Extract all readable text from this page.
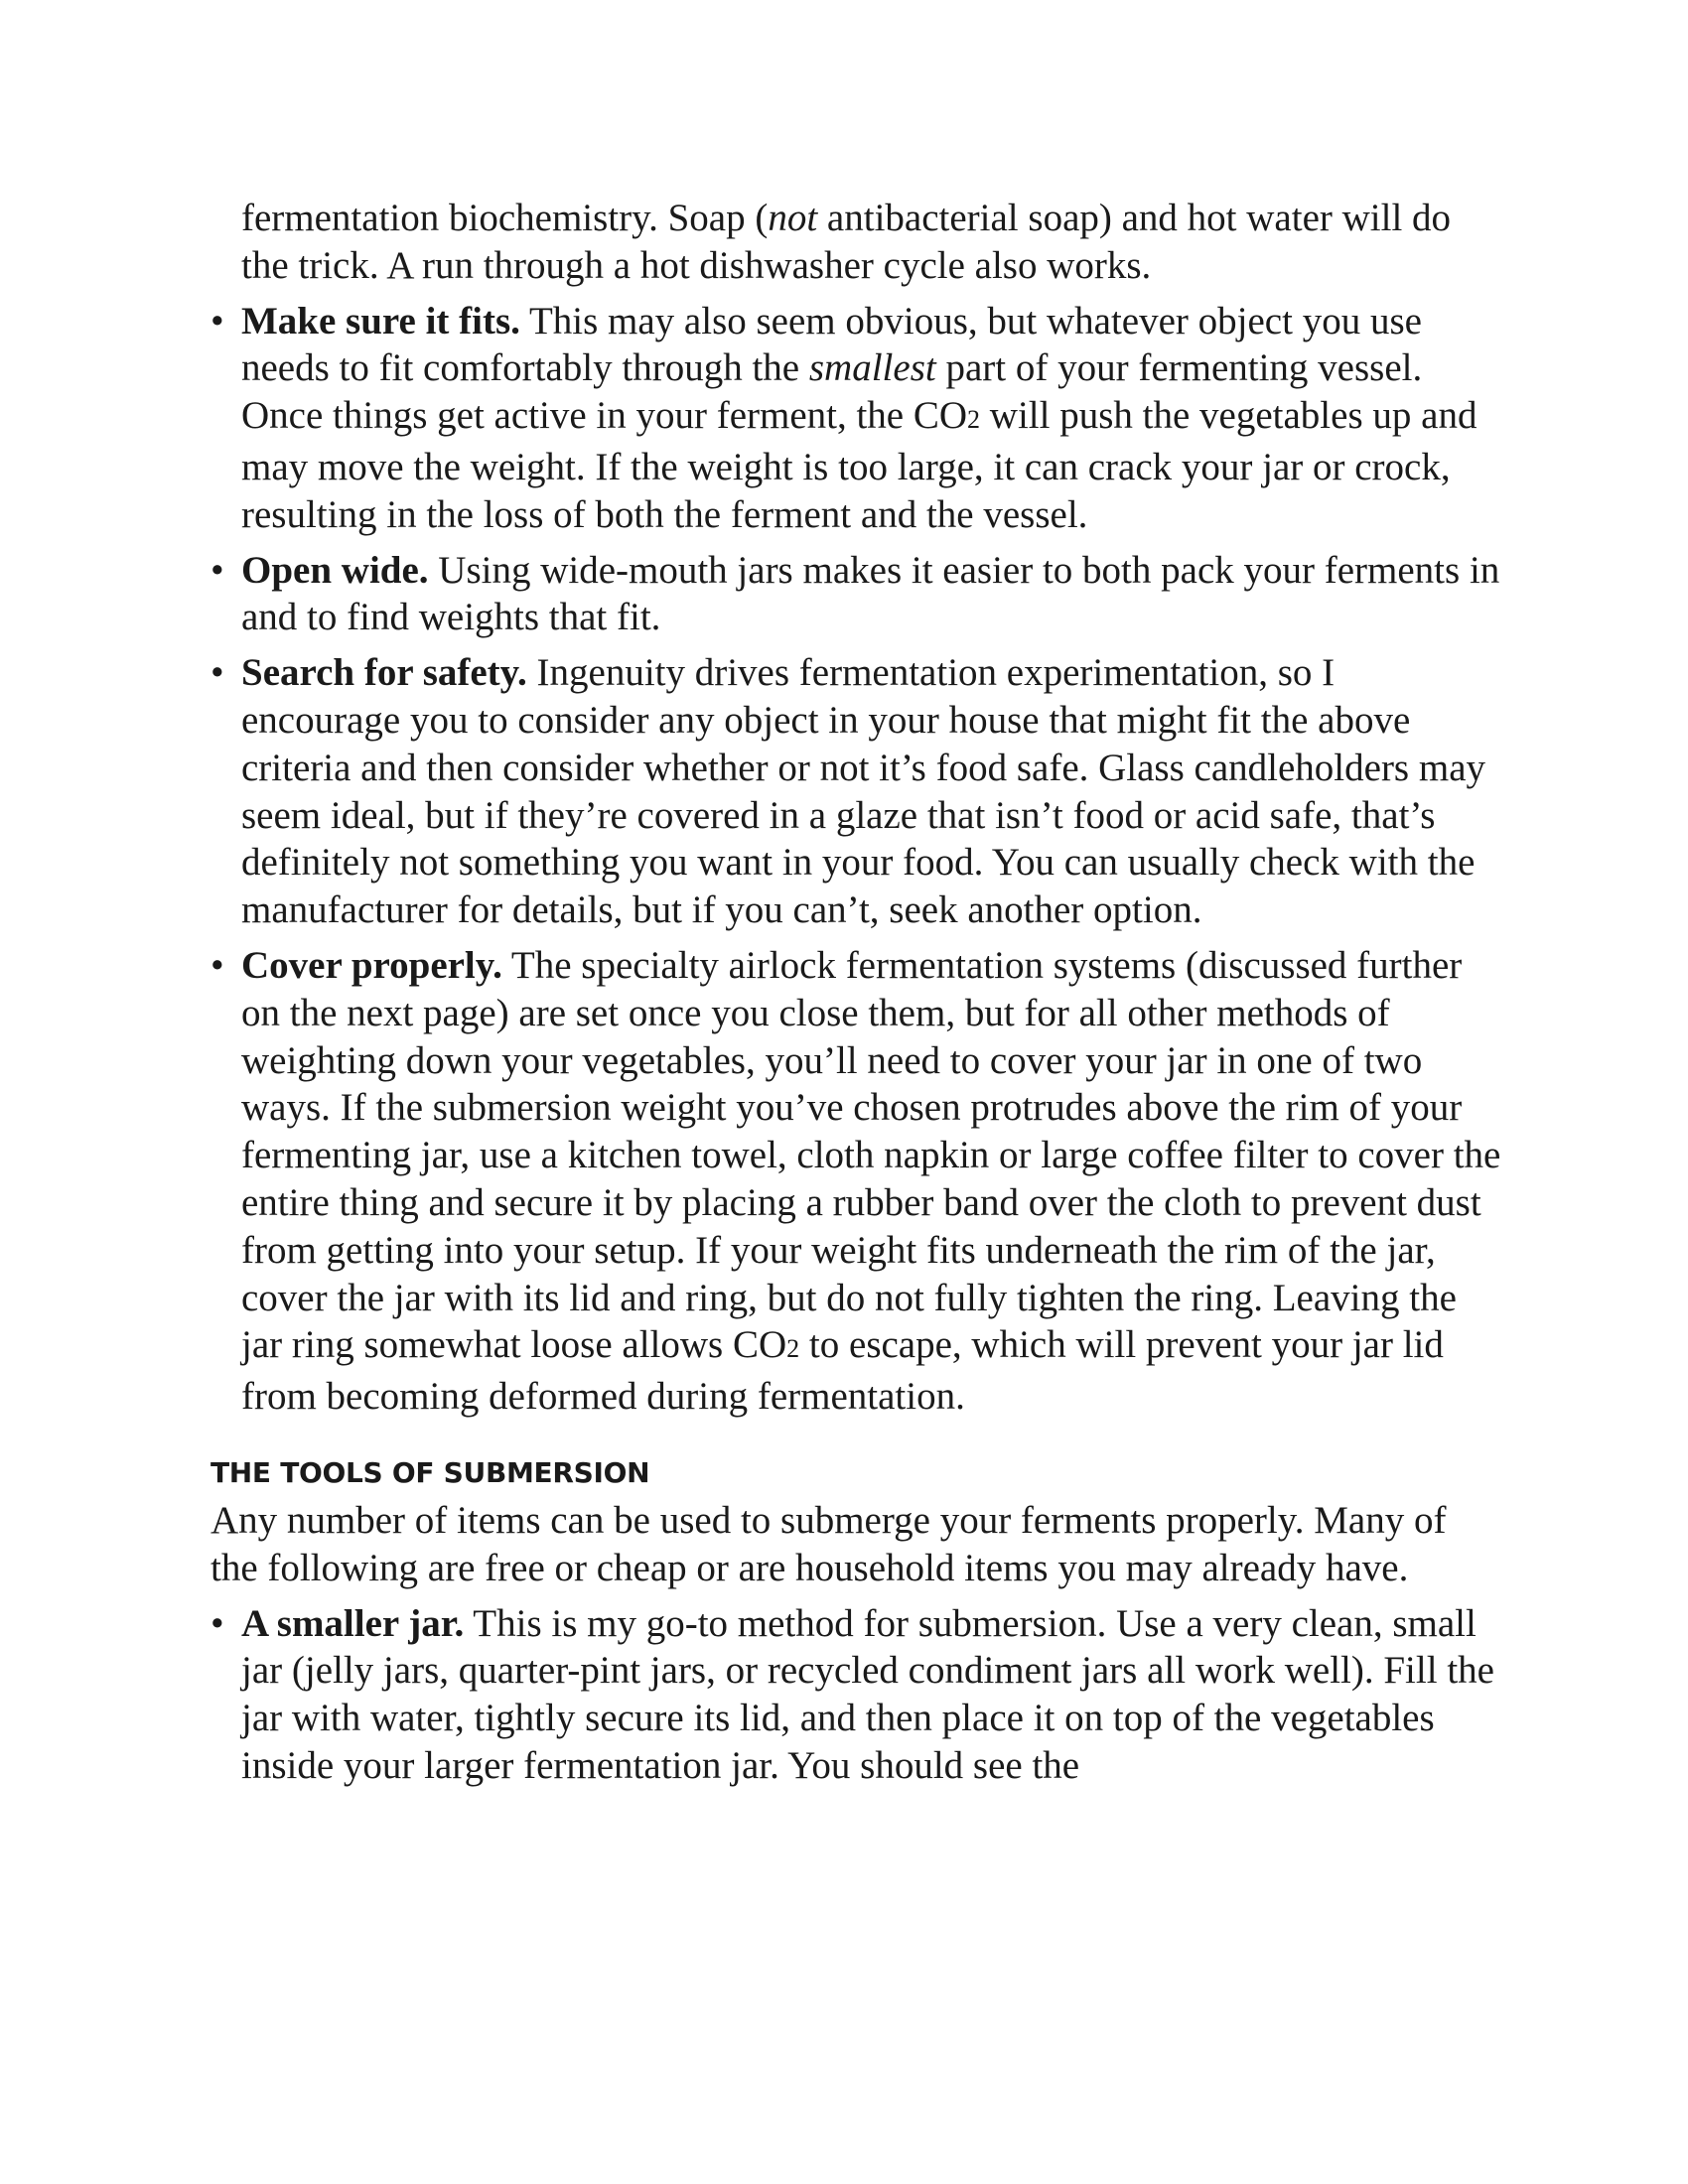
fermentation biochemistry. Soap (not antibacterial soap) and hot water will do the trick. A run through a hot dishwasher cycle also works.

• Make sure it fits. This may also seem obvious, but whatever object you use needs to fit comfortably through the smallest part of your fermenting vessel. Once things get active in your ferment, the CO2 will push the vegetables up and may move the weight. If the weight is too large, it can crack your jar or crock, resulting in the loss of both the ferment and the vessel.
• Open wide. Using wide-mouth jars makes it easier to both pack your ferments in and to find weights that fit.
• Search for safety. Ingenuity drives fermentation experimentation, so I encourage you to consider any object in your house that might fit the above criteria and then consider whether or not it’s food safe. Glass candleholders may seem ideal, but if they’re covered in a glaze that isn’t food or acid safe, that’s definitely not something you want in your food. You can usually check with the manufacturer for details, but if you can’t, seek another option.
• Cover properly. The specialty airlock fermentation systems (discussed further on the next page) are set once you close them, but for all other methods of weighting down your vegetables, you’ll need to cover your jar in one of two ways. If the submersion weight you’ve chosen protrudes above the rim of your fermenting jar, use a kitchen towel, cloth napkin or large coffee filter to cover the entire thing and secure it by placing a rubber band over the cloth to prevent dust from getting into your setup. If your weight fits underneath the rim of the jar, cover the jar with its lid and ring, but do not fully tighten the ring. Leaving the jar ring somewhat loose allows CO2 to escape, which will prevent your jar lid from becoming deformed during fermentation.
THE TOOLS OF SUBMERSION

Any number of items can be used to submerge your ferments properly. Many of the following are free or cheap or are household items you may already have.

• A smaller jar. This is my go-to method for submersion. Use a very clean, small jar (jelly jars, quarter-pint jars, or recycled condiment jars all work well). Fill the jar with water, tightly secure its lid, and then place it on top of the vegetables inside your larger fermentation jar. You should see the
